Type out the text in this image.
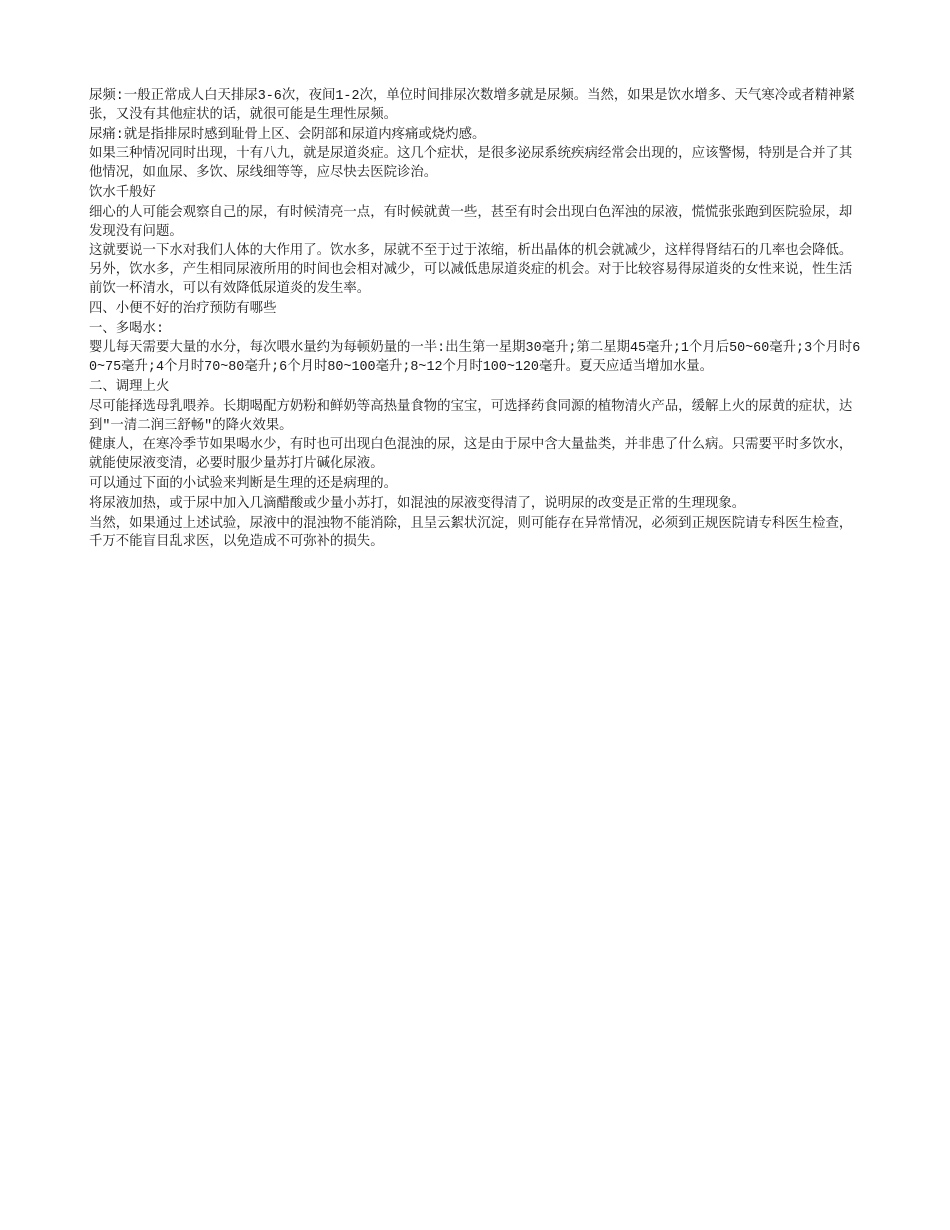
尿频:一般正常成人白天排尿3-6次，夜间1-2次，单位时间排尿次数增多就是尿频。当然，如果是饮水增多、天气寒冷或者精神紧张，又没有其他症状的话，就很可能是生理性尿频。

尿痛:就是指排尿时感到耻骨上区、会阴部和尿道内疼痛或烧灼感。

如果三种情况同时出现，十有八九，就是尿道炎症。这几个症状，是很多泌尿系统疾病经常会出现的，应该警惕，特别是合并了其他情况，如血尿、多饮、尿线细等等，应尽快去医院诊治。

饮水千般好

细心的人可能会观察自己的尿，有时候清亮一点，有时候就黄一些，甚至有时会出现白色浑浊的尿液，慌慌张张跑到医院验尿，却发现没有问题。

这就要说一下水对我们人体的大作用了。饮水多，尿就不至于过于浓缩，析出晶体的机会就减少，这样得肾结石的几率也会降低。另外，饮水多，产生相同尿液所用的时间也会相对减少，可以减低患尿道炎症的机会。对于比较容易得尿道炎的女性来说，性生活前饮一杯清水，可以有效降低尿道炎的发生率。

四、小便不好的治疗预防有哪些

一、多喝水:

婴儿每天需要大量的水分，每次喂水量约为每顿奶量的一半:出生第一星期30毫升;第二星期45毫升;1个月后50~60毫升;3个月时60~75毫升;4个月时70~80毫升;6个月时80~100毫升;8~12个月时100~120毫升。夏天应适当增加水量。

二、调理上火

尽可能择选母乳喂养。长期喝配方奶粉和鲜奶等高热量食物的宝宝，可选择药食同源的植物清火产品，缓解上火的尿黄的症状，达到"一清二润三舒畅"的降火效果。

健康人，在寒冷季节如果喝水少，有时也可出现白色混浊的尿，这是由于尿中含大量盐类，并非患了什么病。只需要平时多饮水，就能使尿液变清，必要时服少量苏打片碱化尿液。

可以通过下面的小试验来判断是生理的还是病理的。

将尿液加热，或于尿中加入几滴醋酸或少量小苏打，如混浊的尿液变得清了，说明尿的改变是正常的生理现象。

当然，如果通过上述试验，尿液中的混浊物不能消除，且呈云絮状沉淀，则可能存在异常情况，必须到正规医院请专科医生检查，千万不能盲目乱求医，以免造成不可弥补的损失。
